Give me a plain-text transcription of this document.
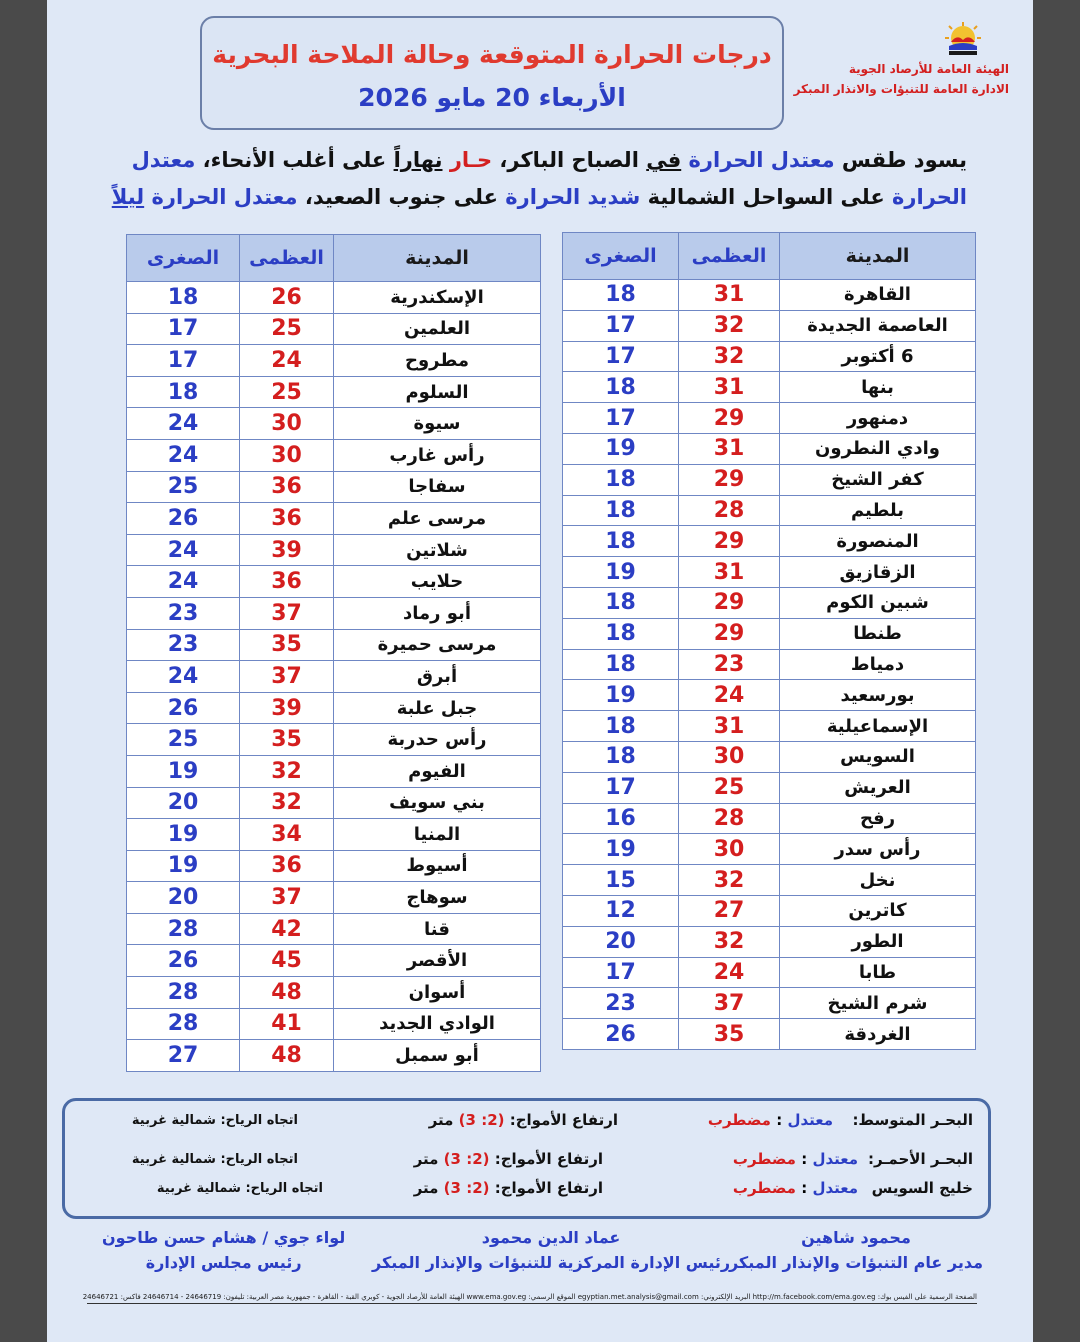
درجات الحرارة المتوقعة وحالة الملاحة البحرية
الأربعاء 20 مايو 2026
الهيئة العامة للأرصاد الجوية
الادارة العامة للتنبؤات والانذار المبكر
يسود طقس معتدل الحرارة في الصباح الباكر، حـار نهاراً على أغلب الأنحاء، معتدل الحرارة على السواحل الشمالية شديد الحرارة على جنوب الصعيد، معتدل الحرارة ليلاً
المدينة	العظمى	الصغرى
القاهرة	31	18
العاصمة الجديدة	32	17
6 أكتوبر	32	17
بنها	31	18
دمنهور	29	17
وادي النطرون	31	19
كفر الشيخ	29	18
بلطيم	28	18
المنصورة	29	18
الزقازيق	31	19
شبين الكوم	29	18
طنطا	29	18
دمياط	23	18
بورسعيد	24	19
الإسماعيلية	31	18
السويس	30	18
العريش	25	17
رفح	28	16
رأس سدر	30	19
نخل	32	15
كاترين	27	12
الطور	32	20
طابا	24	17
شرم الشيخ	37	23
الغردقة	35	26
المدينة	العظمى	الصغرى
الإسكندرية	26	18
العلمين	25	17
مطروح	24	17
السلوم	25	18
سيوة	30	24
رأس غارب	30	24
سفاجا	36	25
مرسى علم	36	26
شلاتين	39	24
حلايب	36	24
أبو رماد	37	23
مرسى حميرة	35	23
أبرق	37	24
جبل علبة	39	26
رأس حدربة	35	25
الفيوم	32	19
بني سويف	32	20
المنيا	34	19
أسيوط	36	19
سوهاج	37	20
قنا	42	28
الأقصر	45	26
أسوان	48	28
الوادي الجديد	41	28
أبو سمبل	48	27
البحـر المتوسط:
معتدل : مضطرب
ارتفاع الأمواج: (2: 3) متر
اتجاه الرياح: شمالية غربية
البحـر الأحمـر:
معتدل : مضطرب
ارتفاع الأمواج: (2: 3) متر
اتجاه الرياح: شمالية غربية
خليج السويس
معتدل : مضطرب
ارتفاع الأمواج: (2: 3) متر
اتجاه الرياح: شمالية غربية
محمود شاهين
مدير عام التنبؤات والإنذار المبكر
عماد الدين محمود
رئيس الإدارة المركزية للتنبؤات والإنذار المبكر
لواء جوي / هشام حسن طاحون
رئيس مجلس الإدارة
الصفحة الرسمية على الفيس بوك: http://m.facebook.com/ema.gov.eg البريد الإلكتروني: egyptian.met.analysis@gmail.com الموقع الرسمي: www.ema.gov.eg الهيئة العامة للأرصاد الجوية - كوبري القبة - القاهرة - جمهورية مصر العربية: تليفون: 24646719 - 24646714 فاكس: 24646721
